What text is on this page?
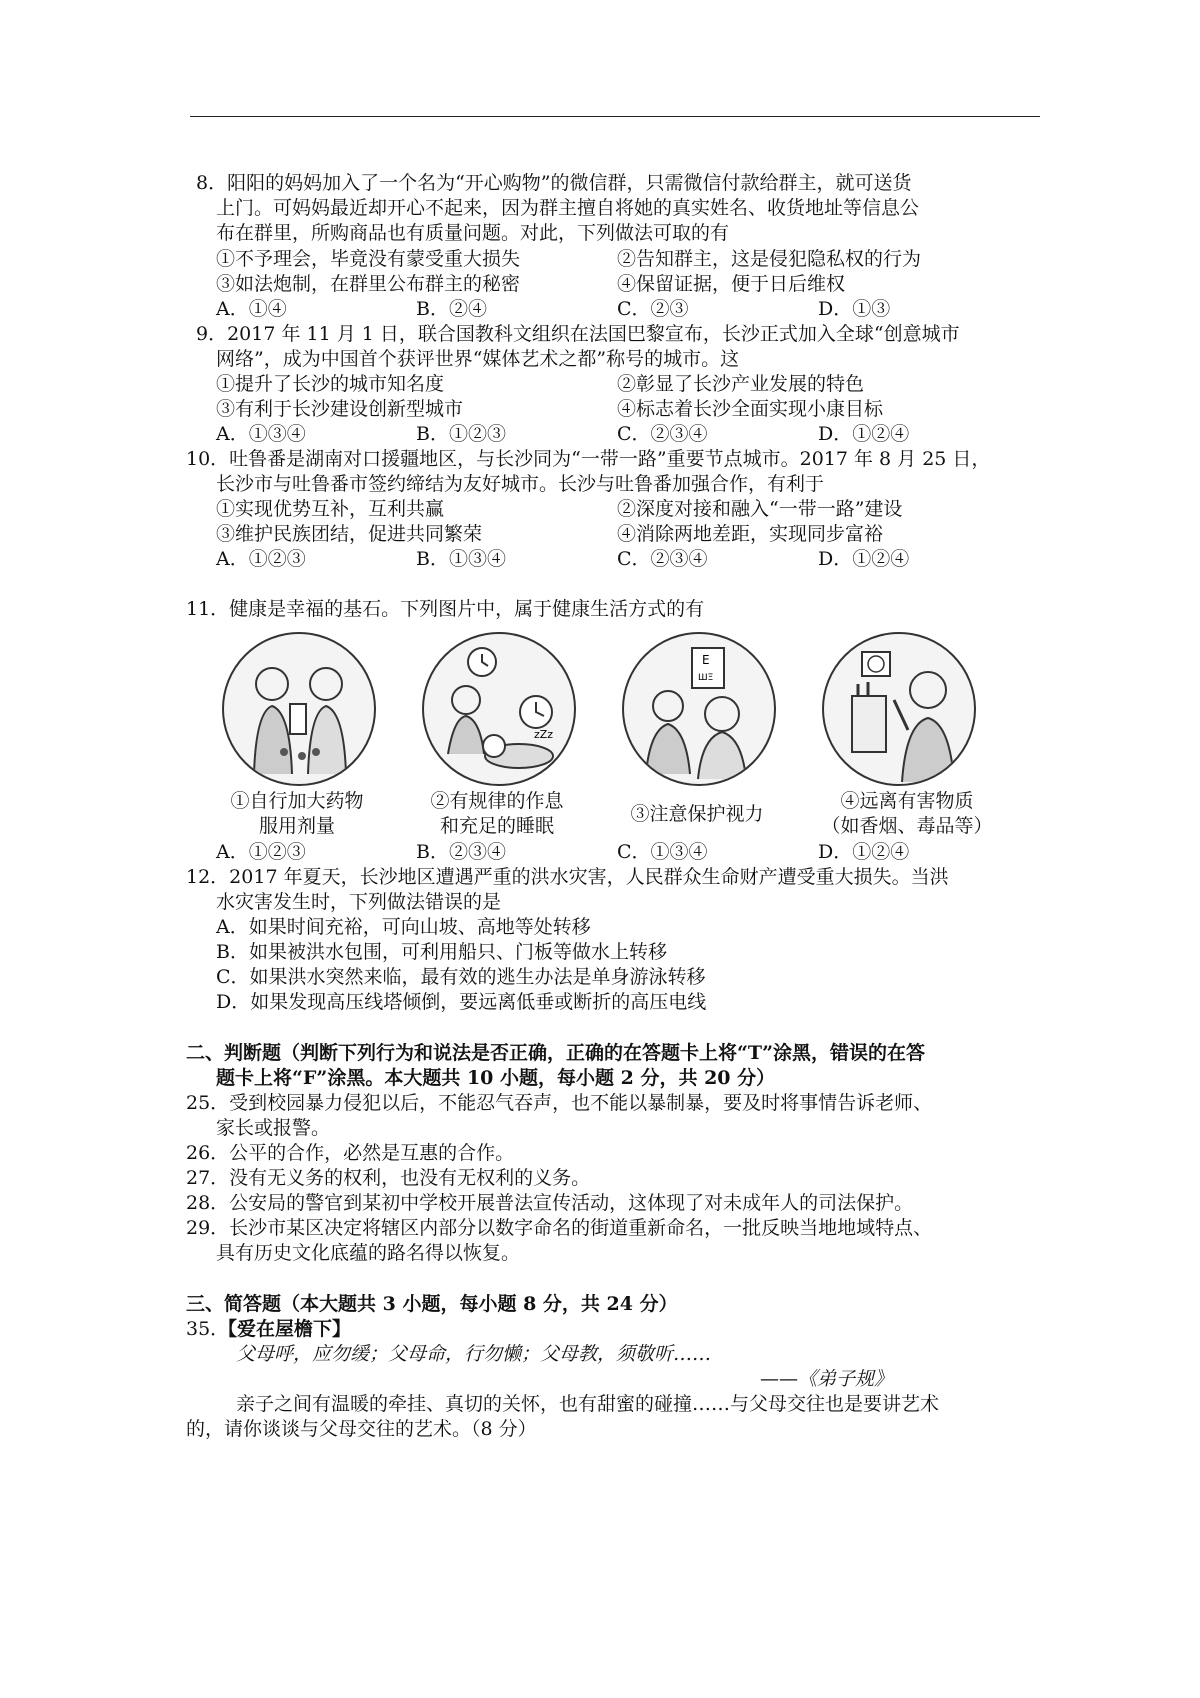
8．阳阳的妈妈加入了一个名为“开心购物”的微信群，只需微信付款给群主，就可送货
上门。可妈妈最近却开心不起来，因为群主擅自将她的真实姓名、收货地址等信息公
布在群里，所购商品也有质量问题。对此，下列做法可取的有
①不予理会，毕竟没有蒙受重大损失	②告知群主，这是侵犯隐私权的行为
③如法炮制，在群里公布群主的秘密	④保留证据，便于日后维权
A．①④	B．②④	C．②③	D．①③
9．2017 年 11 月 1 日，联合国教科文组织在法国巴黎宣布，长沙正式加入全球“创意城市
网络”，成为中国首个获评世界“媒体艺术之都”称号的城市。这
①提升了长沙的城市知名度	②彰显了长沙产业发展的特色
③有利于长沙建设创新型城市	④标志着长沙全面实现小康目标
A．①③④	B．①②③	C．②③④	D．①②④
10．吐鲁番是湖南对口援疆地区，与长沙同为“一带一路”重要节点城市。2017 年 8 月 25 日，
长沙市与吐鲁番市签约缔结为友好城市。长沙与吐鲁番加强合作，有利于
①实现优势互补，互利共赢	②深度对接和融入“一带一路”建设
③维护民族团结，促进共同繁荣	④消除两地差距，实现同步富裕
A．①②③	B．①③④	C．②③④	D．①②④
11．健康是幸福的基石。下列图片中，属于健康生活方式的有
zZz
E
ШΞ
①自行加大药物
服用剂量
②有规律的作息
和充足的睡眠
③注意保护视力
④远离有害物质
（如香烟、毒品等）
A．①②③	B．②③④	C．①③④	D．①②④
12．2017 年夏天，长沙地区遭遇严重的洪水灾害，人民群众生命财产遭受重大损失。当洪
水灾害发生时，下列做法错误的是
A．如果时间充裕，可向山坡、高地等处转移
B．如果被洪水包围，可利用船只、门板等做水上转移
C．如果洪水突然来临，最有效的逃生办法是单身游泳转移
D．如果发现高压线塔倾倒，要远离低垂或断折的高压电线
二、判断题（判断下列行为和说法是否正确，正确的在答题卡上将“T”涂黑，错误的在答
题卡上将“F”涂黑。本大题共 10 小题，每小题 2 分，共 20 分）
25．受到校园暴力侵犯以后，不能忍气吞声，也不能以暴制暴，要及时将事情告诉老师、
家长或报警。
26．公平的合作，必然是互惠的合作。
27．没有无义务的权利，也没有无权利的义务。
28．公安局的警官到某初中学校开展普法宣传活动，这体现了对未成年人的司法保护。
29．长沙市某区决定将辖区内部分以数字命名的街道重新命名，一批反映当地地域特点、
具有历史文化底蕴的路名得以恢复。
三、简答题（本大题共 3 小题，每小题 8 分，共 24 分）
35．
【爱在屋檐下】
父母呼，应勿缓；父母命，行勿懒；父母教，须敬听……
——《弟子规》
亲子之间有温暖的牵挂、真切的关怀，也有甜蜜的碰撞……与父母交往也是要讲艺术
的，请你谈谈与父母交往的艺术。（8 分）
